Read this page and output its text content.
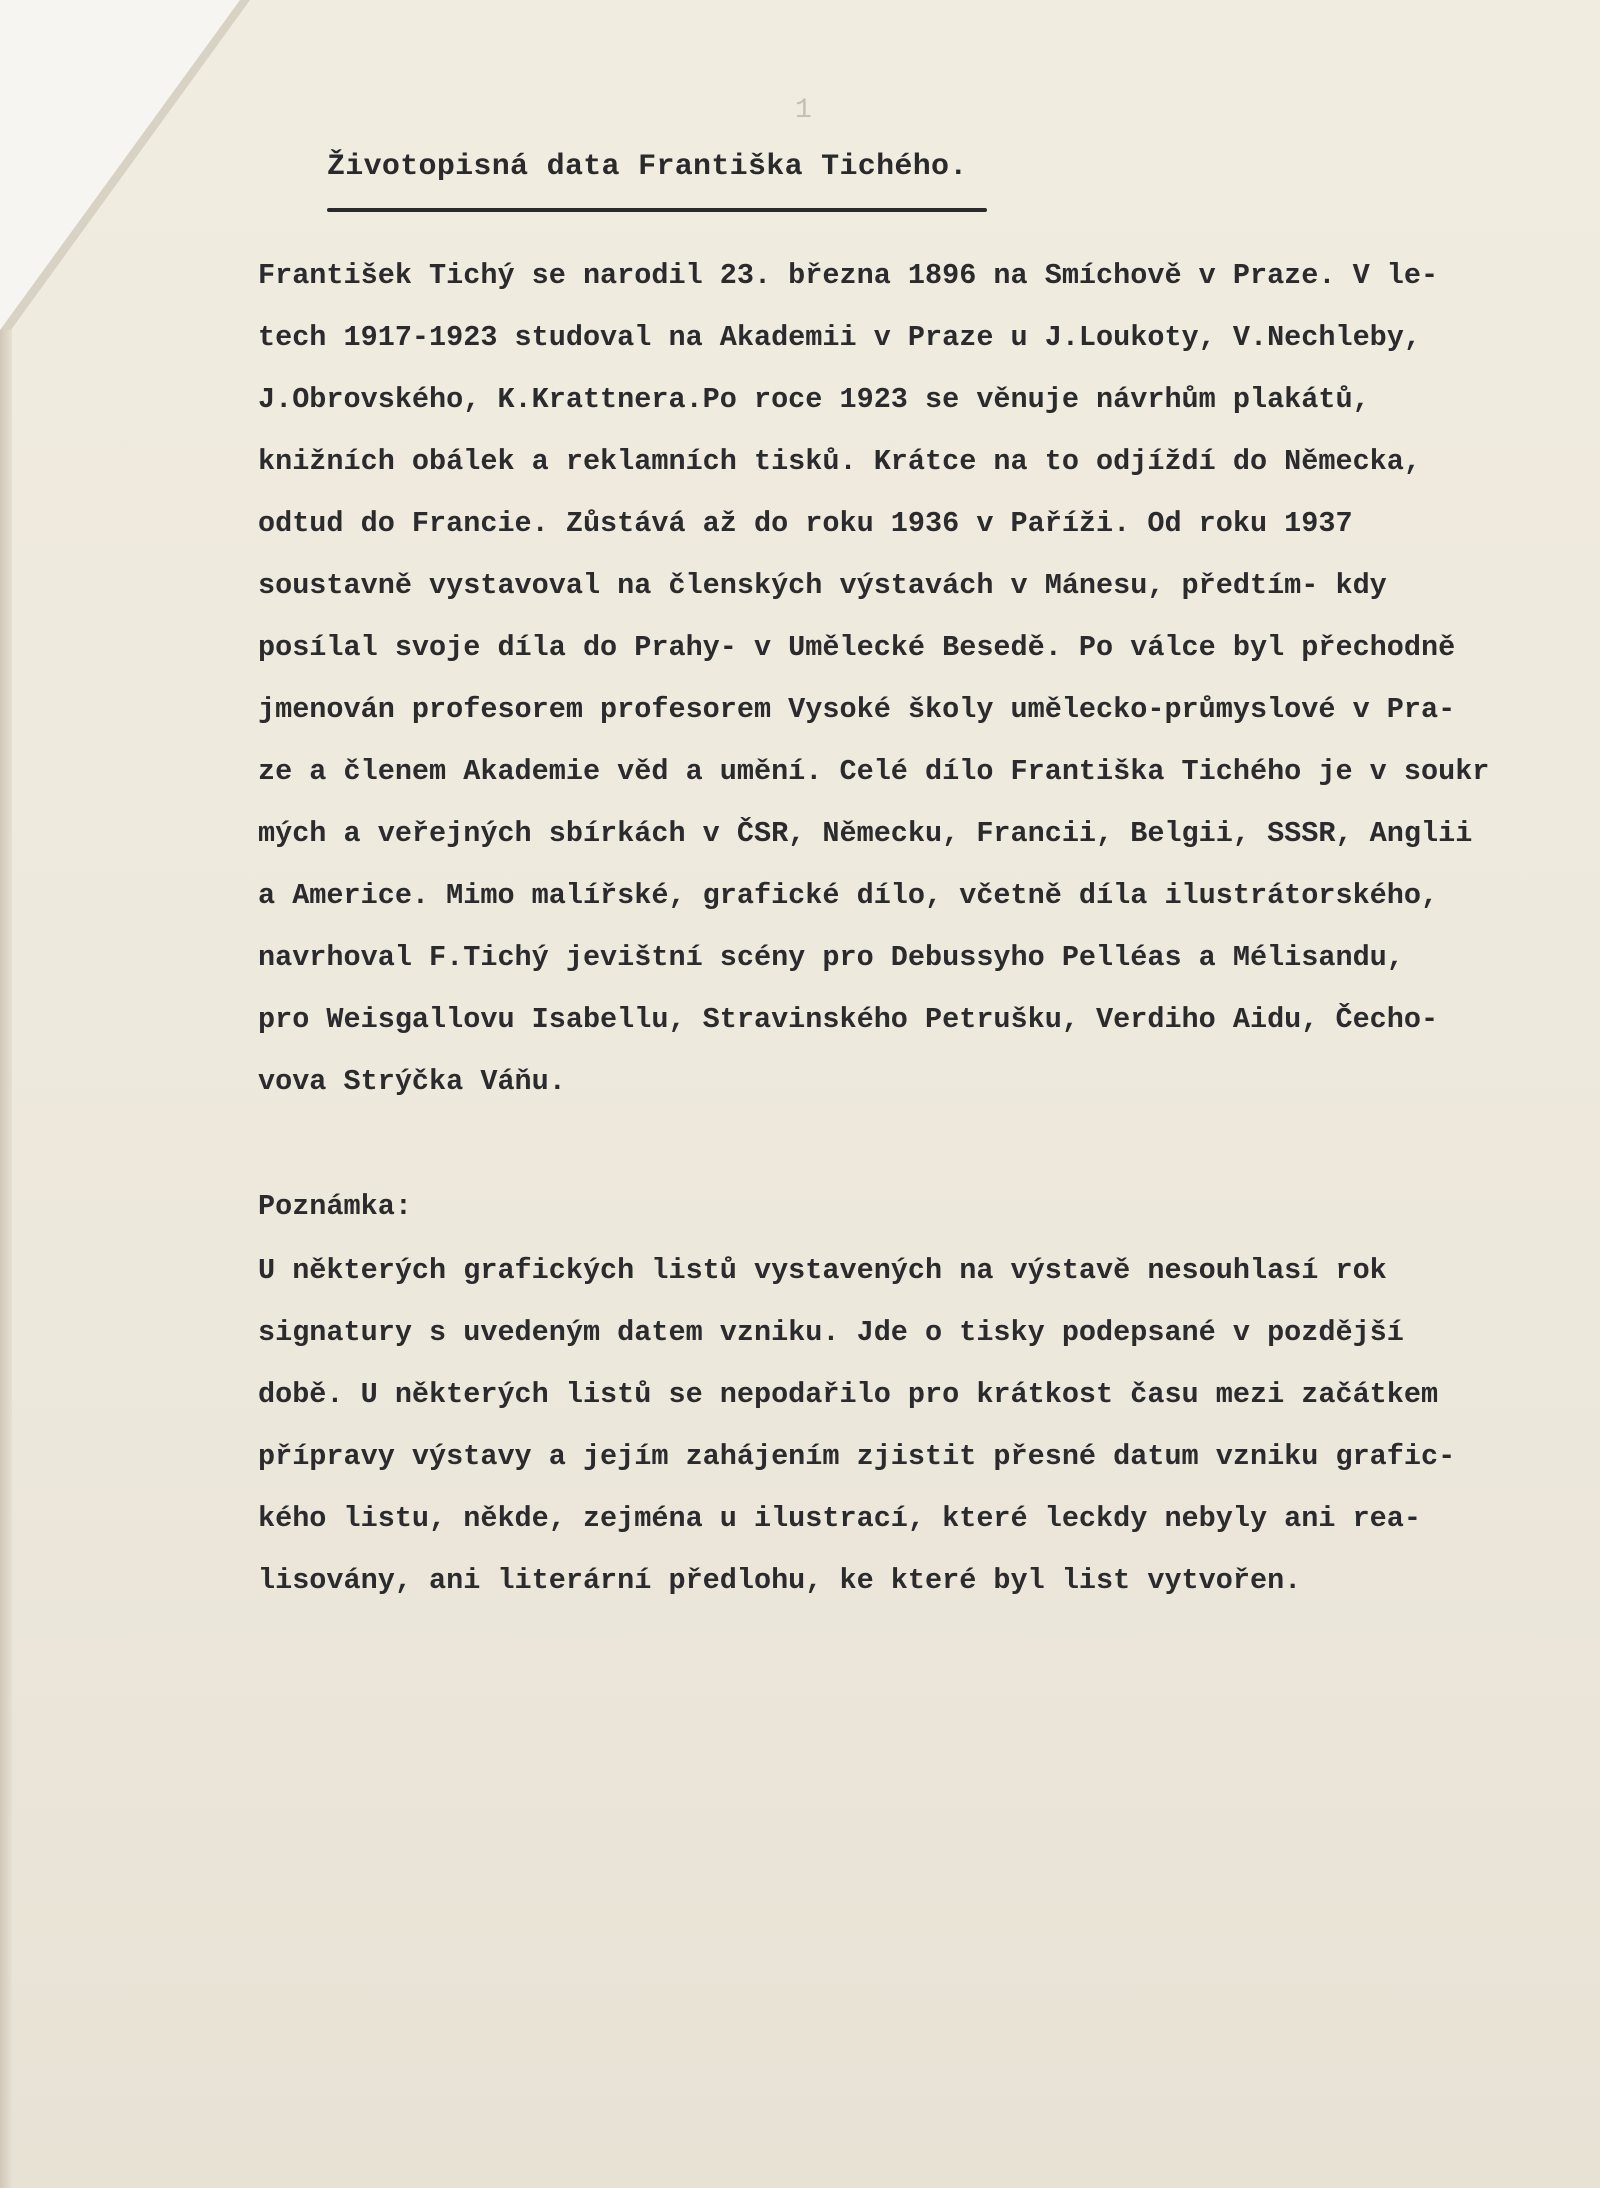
1
Životopisná data Františka Tichého.
František Tichý se narodil 23. března 1896 na Smíchově v Praze. V le-
tech 1917-1923 studoval na Akademii v Praze u J.Loukoty, V.Nechleby,
J.Obrovského, K.Krattnera.Po roce 1923 se věnuje návrhům plakátů,
knižních obálek a reklamních tisků. Krátce na to odjíždí do Německa,
odtud do Francie. Zůstává až do roku 1936 v Paříži. Od roku 1937
soustavně vystavoval na členských výstavách v Mánesu, předtím- kdy
posílal svoje díla do Prahy- v Umělecké Besedě. Po válce byl přechodně
jmenován profesorem profesorem Vysoké školy umělecko-průmyslové v Pra-
ze a členem Akademie věd a umění. Celé dílo Františka Tichého je v soukr
mých a veřejných sbírkách v ČSR, Německu, Francii, Belgii, SSSR, Anglii
a Americe. Mimo malířské, grafické dílo, včetně díla ilustrátorského,
navrhoval F.Tichý jevištní scény pro Debussyho Pelléas a Mélisandu,
pro Weisgallovu Isabellu, Stravinského Petrušku, Verdiho Aidu, Čecho-
vova Strýčka Váňu.
Poznámka:
U některých grafických listů vystavených na výstavě nesouhlasí rok
signatury s uvedeným datem vzniku. Jde o tisky podepsané v pozdější
době. U některých listů se nepodařilo pro krátkost času mezi začátkem
přípravy výstavy a jejím zahájením zjistit přesné datum vzniku grafic-
kého listu, někde, zejména u ilustrací, které leckdy nebyly ani rea-
lisovány, ani literární předlohu, ke které byl list vytvořen.
